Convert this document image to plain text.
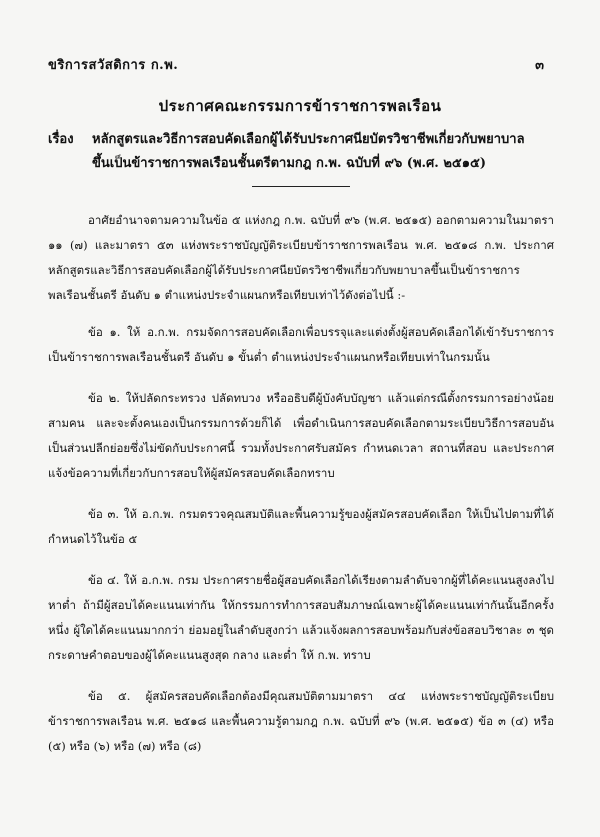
ขริการสวัสดิการ ก.พ.	๓
ประกาศคณะกรรมการข้าราชการพลเรือน
เรื่อง หลักสูตรและวิธีการสอบคัดเลือกผู้ได้รับประกาศนียบัตรวิชาชีพเกี่ยวกับพยาบาล
ขึ้นเป็นข้าราชการพลเรือนชั้นตรีตามกฎ ก.พ. ฉบับที่ ๙๖ (พ.ศ. ๒๕๑๕)

อาศัยอำนาจตามความในข้อ ๕ แห่งกฎ ก.พ. ฉบับที่ ๙๖ (พ.ศ. ๒๕๑๕) ออกตามความในมาตรา ๑๑ (๗) และมาตรา ๕๓ แห่งพระราชบัญญัติระเบียบข้าราชการพลเรือน พ.ศ. ๒๕๑๘ ก.พ. ประกาศหลักสูตรและวิธีการสอบคัดเลือกผู้ได้รับประกาศนียบัตรวิชาชีพเกี่ยวกับพยาบาลขึ้นเป็นข้าราชการพลเรือนชั้นตรี อันดับ ๑ ตำแหน่งประจำแผนกหรือเทียบเท่าไว้ดังต่อไปนี้ :-

ข้อ ๑. ให้ อ.ก.พ. กรมจัดการสอบคัดเลือกเพื่อบรรจุและแต่งตั้งผู้สอบคัดเลือกได้เข้ารับราชการเป็นข้าราชการพลเรือนชั้นตรี อันดับ ๑ ขั้นต่ำ ตำแหน่งประจำแผนกหรือเทียบเท่าในกรมนั้น

ข้อ ๒. ให้ปลัดกระทรวง ปลัดทบวง หรืออธิบดีผู้บังคับบัญชา แล้วแต่กรณีตั้งกรรมการอย่างน้อยสามคน และจะตั้งคนเองเป็นกรรมการด้วยก็ได้ เพื่อดำเนินการสอบคัดเลือกตามระเบียบวิธีการสอบอันเป็นส่วนปลีกย่อยซึ่งไม่ขัดกับประกาศนี้ รวมทั้งประกาศรับสมัคร กำหนดเวลา สถานที่สอบ และประกาศแจ้งข้อความที่เกี่ยวกับการสอบให้ผู้สมัครสอบคัดเลือกทราบ

ข้อ ๓. ให้ อ.ก.พ. กรมตรวจคุณสมบัติและพื้นความรู้ของผู้สมัครสอบคัดเลือก ให้เป็นไปตามที่ได้กำหนดไว้ในข้อ ๕

ข้อ ๔. ให้ อ.ก.พ. กรม ประกาศรายชื่อผู้สอบคัดเลือกได้เรียงตามลำดับจากผู้ที่ได้คะแนนสูงลงไปหาต่ำ ถ้ามีผู้สอบได้คะแนนเท่ากัน ให้กรรมการทำการสอบสัมภาษณ์เฉพาะผู้ได้คะแนนเท่ากันนั้นอีกครั้งหนึ่ง ผู้ใดได้คะแนนมากกว่า ย่อมอยู่ในลำดับสูงกว่า แล้วแจ้งผลการสอบพร้อมกับส่งข้อสอบวิชาละ ๓ ชุด กระดาษคำตอบของผู้ได้คะแนนสูงสุด กลาง และต่ำ ให้ ก.พ. ทราบ

ข้อ ๕. ผู้สมัครสอบคัดเลือกต้องมีคุณสมบัติตามมาตรา ๔๔ แห่งพระราชบัญญัติระเบียบข้าราชการพลเรือน พ.ศ. ๒๕๑๘ และพื้นความรู้ตามกฎ ก.พ. ฉบับที่ ๙๖ (พ.ศ. ๒๕๑๕) ข้อ ๓ (๔) หรือ (๕) หรือ (๖) หรือ (๗) หรือ (๘)
